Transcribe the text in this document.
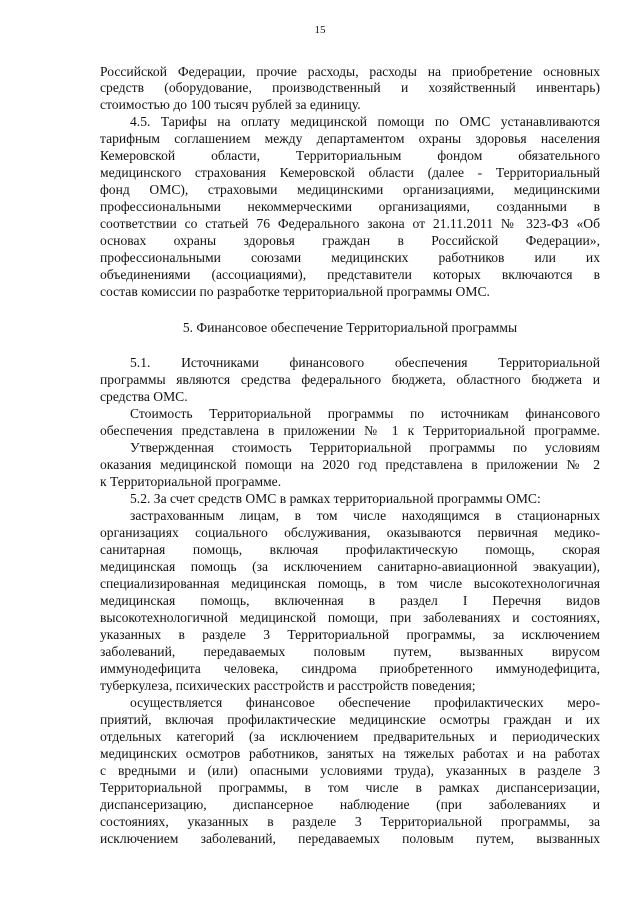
15
Российской Федерации, прочие расходы, расходы на приобретение основных
средств (оборудование, производственный и хозяйственный инвентарь)
стоимостью до 100 тысяч рублей за единицу.
4.5. Тарифы на оплату медицинской помощи по ОМС устанавливаются
тарифным соглашением между департаментом охраны здоровья населения
Кемеровской области, Территориальным фондом обязательного
медицинского страхования Кемеровской области (далее - Территориальный
фонд ОМС), страховыми медицинскими организациями, медицинскими
профессиональными некоммерческими организациями, созданными в
соответствии со статьей 76 Федерального закона от 21.11.2011 № 323-ФЗ «Об
основах охраны здоровья граждан в Российской Федерации»,
профессиональными союзами медицинских работников или их
объединениями (ассоциациями), представители которых включаются в
состав комиссии по разработке территориальной программы ОМС.
5. Финансовое обеспечение Территориальной программы
5.1. Источниками финансового обеспечения Территориальной
программы являются средства федерального бюджета, областного бюджета и
средства ОМС.
Стоимость Территориальной программы по источникам финансового
обеспечения представлена в приложении № 1 к Территориальной программе.
Утвержденная стоимость Территориальной программы по условиям
оказания медицинской помощи на 2020 год представлена в приложении № 2
к Территориальной программе.
5.2. За счет средств ОМС в рамках территориальной программы ОМС:
застрахованным лицам, в том числе находящимся в стационарных
организациях социального обслуживания, оказываются первичная медико-
санитарная помощь, включая профилактическую помощь, скорая
медицинская помощь (за исключением санитарно-авиационной эвакуации),
специализированная медицинская помощь, в том числе высокотехнологичная
медицинская помощь, включенная в раздел I Перечня видов
высокотехнологичной медицинской помощи, при заболеваниях и состояниях,
указанных в разделе 3 Территориальной программы, за исключением
заболеваний, передаваемых половым путем, вызванных вирусом
иммунодефицита человека, синдрома приобретенного иммунодефицита,
туберкулеза, психических расстройств и расстройств поведения;
осуществляется финансовое обеспечение профилактических меро-
приятий, включая профилактические медицинские осмотры граждан и их
отдельных категорий (за исключением предварительных и периодических
медицинских осмотров работников, занятых на тяжелых работах и на работах
с вредными и (или) опасными условиями труда), указанных в разделе 3
Территориальной программы, в том числе в рамках диспансеризации,
диспансеризацию, диспансерное наблюдение (при заболеваниях и
состояниях, указанных в разделе 3 Территориальной программы, за
исключением заболеваний, передаваемых половым путем, вызванных
